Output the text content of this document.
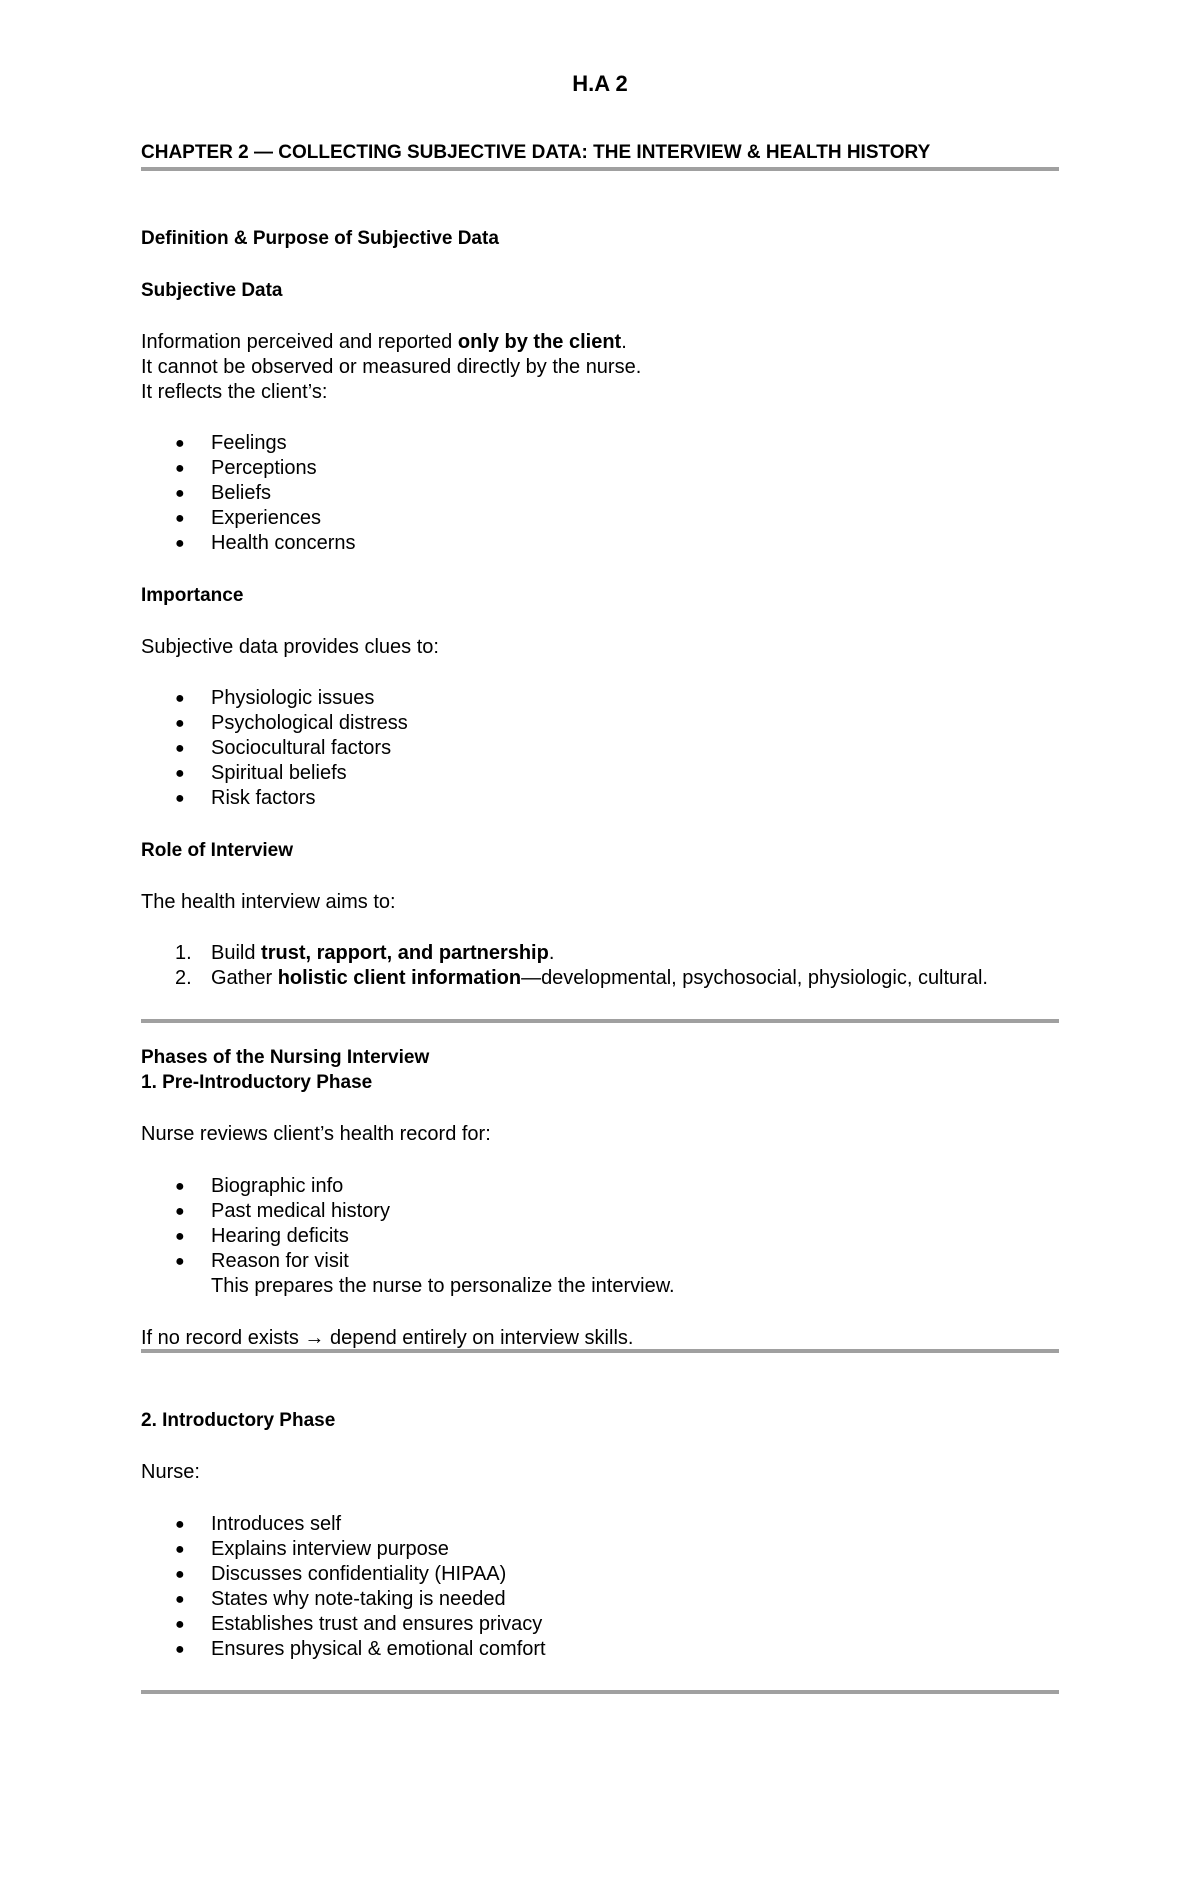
H.A 2
CHAPTER 2 — COLLECTING SUBJECTIVE DATA: THE INTERVIEW & HEALTH HISTORY
Definition & Purpose of Subjective Data
Subjective Data

Information perceived and reported only by the client.

It cannot be observed or measured directly by the nurse.

It reflects the client’s:

● Feelings
● Perceptions
● Beliefs
● Experiences
● Health concerns
Importance

Subjective data provides clues to:

● Physiologic issues
● Psychological distress
● Sociocultural factors
● Spiritual beliefs
● Risk factors
Role of Interview

The health interview aims to:

1. Build trust, rapport, and partnership.
2. Gather holistic client information—developmental, psychosocial, physiologic, cultural.
Phases of the Nursing Interview
1. Pre-Introductory Phase

Nurse reviews client’s health record for:

● Biographic info
● Past medical history
● Hearing deficits
● Reason for visit
This prepares the nurse to personalize the interview.

If no record exists → depend entirely on interview skills.

2. Introductory Phase

Nurse:

● Introduces self
● Explains interview purpose
● Discusses confidentiality (HIPAA)
● States why note-taking is needed
● Establishes trust and ensures privacy
● Ensures physical & emotional comfort
